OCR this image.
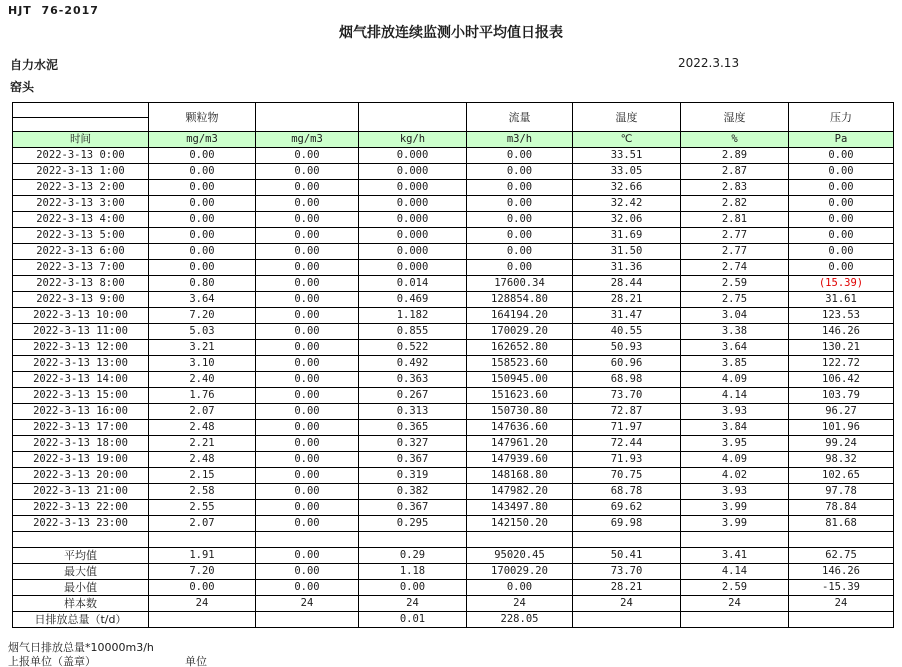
HJT  76-2017
烟气排放连续监测小时平均值日报表
自力水泥
窑头
2022.3.13
	颗粒物			流量	温度	湿度	压力

时间	mg/m3	mg/m3	kg/h	m3/h	℃	%	Pa
2022-3-13 0:00	0.00	0.00	0.000	0.00	33.51	2.89	0.00
2022-3-13 1:00	0.00	0.00	0.000	0.00	33.05	2.87	0.00
2022-3-13 2:00	0.00	0.00	0.000	0.00	32.66	2.83	0.00
2022-3-13 3:00	0.00	0.00	0.000	0.00	32.42	2.82	0.00
2022-3-13 4:00	0.00	0.00	0.000	0.00	32.06	2.81	0.00
2022-3-13 5:00	0.00	0.00	0.000	0.00	31.69	2.77	0.00
2022-3-13 6:00	0.00	0.00	0.000	0.00	31.50	2.77	0.00
2022-3-13 7:00	0.00	0.00	0.000	0.00	31.36	2.74	0.00
2022-3-13 8:00	0.80	0.00	0.014	17600.34	28.44	2.59	(15.39)
2022-3-13 9:00	3.64	0.00	0.469	128854.80	28.21	2.75	31.61
2022-3-13 10:00	7.20	0.00	1.182	164194.20	31.47	3.04	123.53
2022-3-13 11:00	5.03	0.00	0.855	170029.20	40.55	3.38	146.26
2022-3-13 12:00	3.21	0.00	0.522	162652.80	50.93	3.64	130.21
2022-3-13 13:00	3.10	0.00	0.492	158523.60	60.96	3.85	122.72
2022-3-13 14:00	2.40	0.00	0.363	150945.00	68.98	4.09	106.42
2022-3-13 15:00	1.76	0.00	0.267	151623.60	73.70	4.14	103.79
2022-3-13 16:00	2.07	0.00	0.313	150730.80	72.87	3.93	96.27
2022-3-13 17:00	2.48	0.00	0.365	147636.60	71.97	3.84	101.96
2022-3-13 18:00	2.21	0.00	0.327	147961.20	72.44	3.95	99.24
2022-3-13 19:00	2.48	0.00	0.367	147939.60	71.93	4.09	98.32
2022-3-13 20:00	2.15	0.00	0.319	148168.80	70.75	4.02	102.65
2022-3-13 21:00	2.58	0.00	0.382	147982.20	68.78	3.93	97.78
2022-3-13 22:00	2.55	0.00	0.367	143497.80	69.62	3.99	78.84
2022-3-13 23:00	2.07	0.00	0.295	142150.20	69.98	3.99	81.68

平均值	1.91	0.00	0.29	95020.45	50.41	3.41	62.75
最大值	7.20	0.00	1.18	170029.20	73.70	4.14	146.26
最小值	0.00	0.00	0.00	0.00	28.21	2.59	-15.39
样本数	24	24	24	24	24	24	24
日排放总量（t/d）			0.01	228.05			
烟气日排放总量*10000m3/h
上报单位（盖章）	单位
